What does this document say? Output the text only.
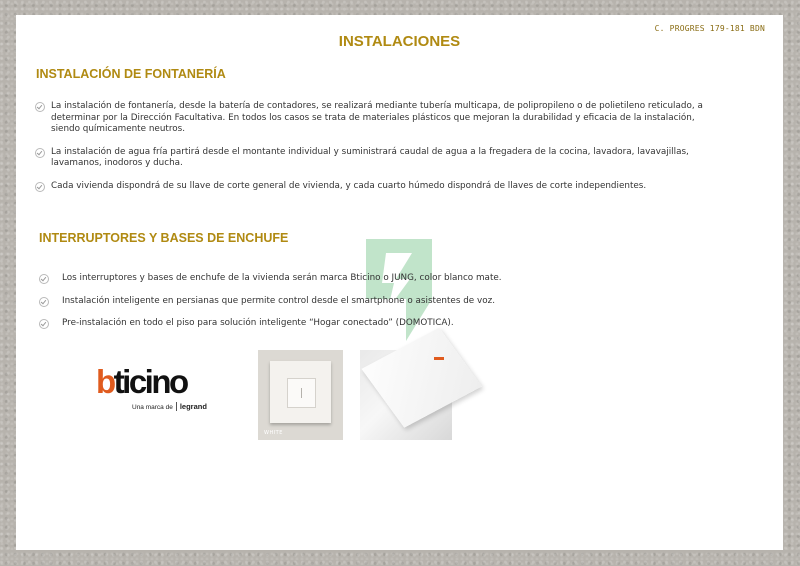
C. PROGRES 179-181 BDN
INSTALACIONES
INSTALACIÓN DE FONTANERÍA
La instalación de fontanería, desde la batería de contadores, se realizará mediante tubería multicapa, de polipropileno o de polietileno reticulado, a determinar por la Dirección Facultativa. En todos los casos se trata de materiales plásticos que mejoran la durabilidad y eficacia de la instalación, siendo químicamente neutros.
La instalación de agua fría partirá desde el montante individual y suministrará caudal de agua a la fregadera de la cocina, lavadora, lavavajillas, lavamanos, inodoros y ducha.
Cada vivienda dispondrá de su llave de corte general de vivienda, y cada cuarto húmedo dispondrá de llaves de corte independientes.
INTERRUPTORES Y BASES DE ENCHUFE
Los interruptores y bases de enchufe de la vivienda serán marca Bticino o JUNG, color blanco mate.
Instalación inteligente en persianas que permite control desde el smartphone o asistentes de voz.
Pre-instalación en todo el piso para solución inteligente “Hogar conectado” (DOMOTICA).
bticino
Una marca de legrand
WHITE
